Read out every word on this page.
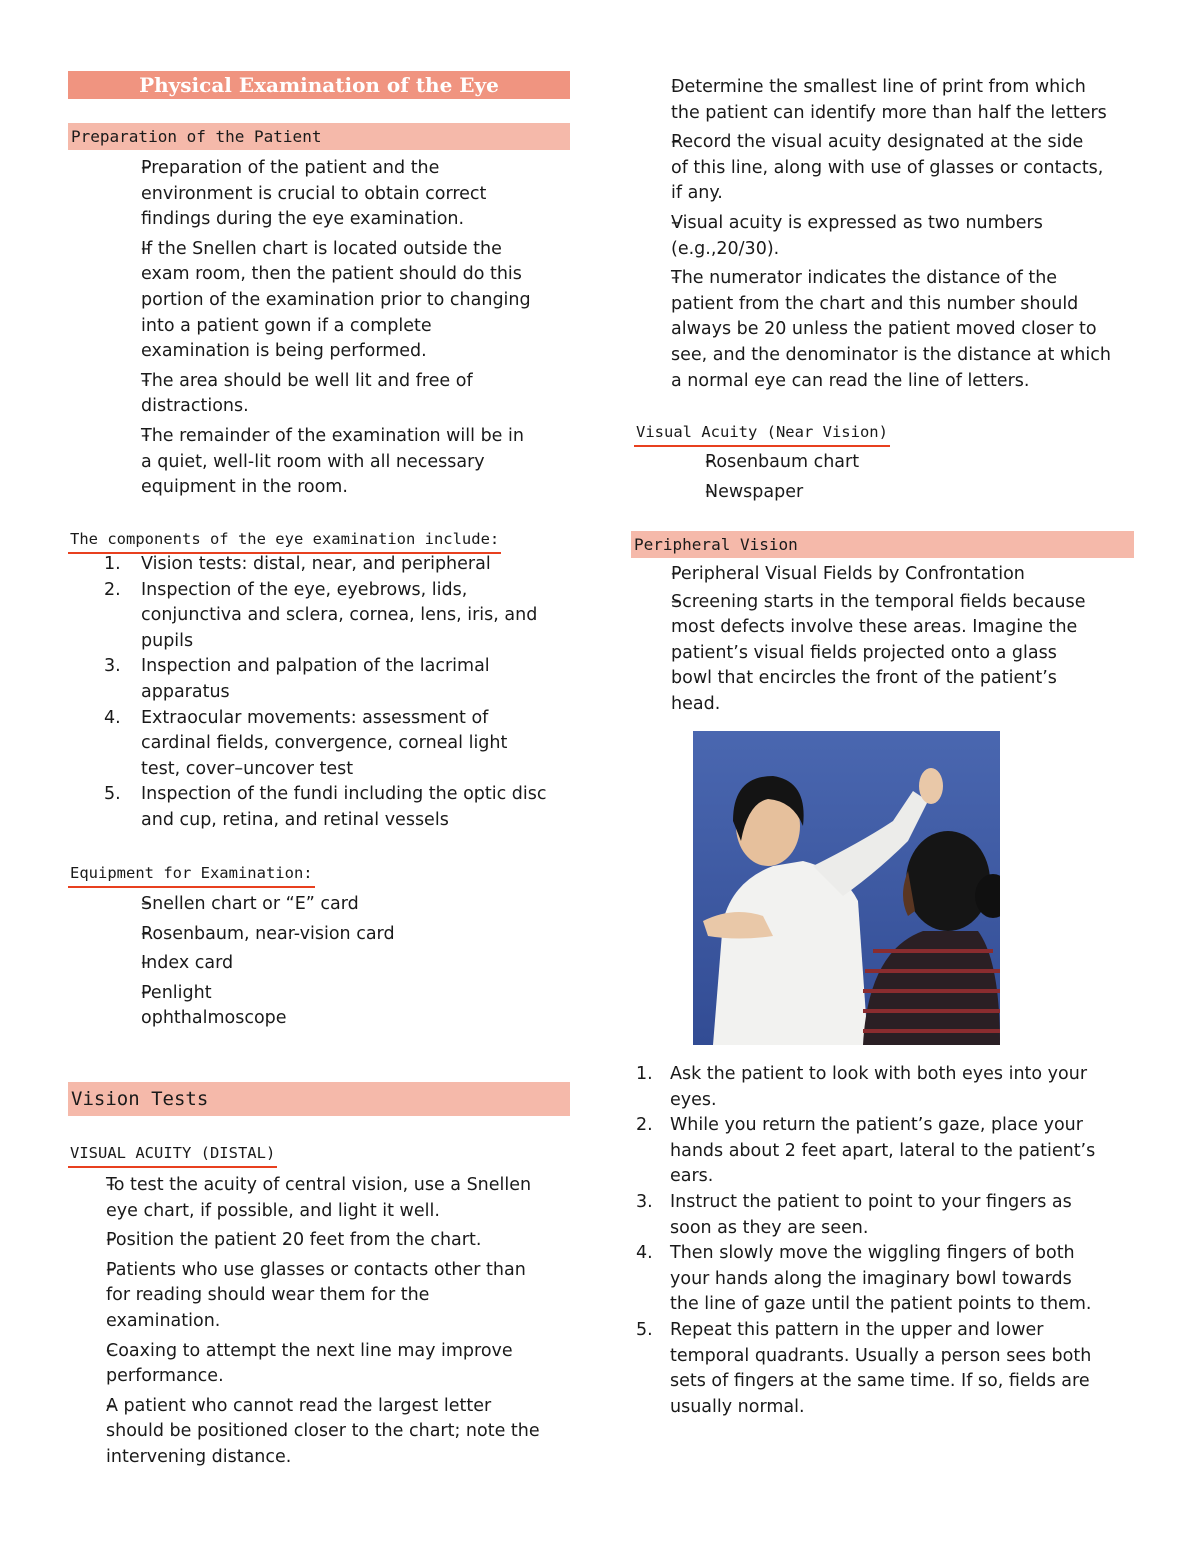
Physical Examination of the Eye
Preparation of the Patient
– Preparation of the patient and the
environment is crucial to obtain correct
findings during the eye examination.
– If the Snellen chart is located outside the
exam room, then the patient should do this
portion of the examination prior to changing
into a patient gown if a complete
examination is being performed.
– The area should be well lit and free of
distractions.
– The remainder of the examination will be in
a quiet, well-lit room with all necessary
equipment in the room.
The components of the eye examination include:
1. Vision tests: distal, near, and peripheral
2. Inspection of the eye, eyebrows, lids,
conjunctiva and sclera, cornea, lens, iris, and
pupils
3. Inspection and palpation of the lacrimal
apparatus
4. Extraocular movements: assessment of
cardinal fields, convergence, corneal light
test, cover–uncover test
5. Inspection of the fundi including the optic disc
and cup, retina, and retinal vessels
Equipment for Examination:
– Snellen chart or “E” card
– Rosenbaum, near-vision card
– Index card
– Penlight
ophthalmoscope
Vision Tests
VISUAL ACUITY (DISTAL)
– To test the acuity of central vision, use a Snellen
eye chart, if possible, and light it well.
– Position the patient 20 feet from the chart.
– Patients who use glasses or contacts other than
for reading should wear them for the
examination.
– Coaxing to attempt the next line may improve
performance.
– A patient who cannot read the largest letter
should be positioned closer to the chart; note the
intervening distance.
– Determine the smallest line of print from which
the patient can identify more than half the letters
– Record the visual acuity designated at the side
of this line, along with use of glasses or contacts,
if any.
– Visual acuity is expressed as two numbers
(e.g.,20/30).
– The numerator indicates the distance of the
patient from the chart and this number should
always be 20 unless the patient moved closer to
see, and the denominator is the distance at which
a normal eye can read the line of letters.
Visual Acuity (Near Vision)
– Rosenbaum chart
– Newspaper
Peripheral Vision
– Peripheral Visual Fields by Confrontation
– Screening starts in the temporal fields because
most defects involve these areas. Imagine the
patient’s visual fields projected onto a glass
bowl that encircles the front of the patient’s
head.
1. Ask the patient to look with both eyes into your
eyes.
2. While you return the patient’s gaze, place your
hands about 2 feet apart, lateral to the patient’s
ears.
3. Instruct the patient to point to your fingers as
soon as they are seen.
4. Then slowly move the wiggling fingers of both
your hands along the imaginary bowl towards
the line of gaze until the patient points to them.
5. Repeat this pattern in the upper and lower
temporal quadrants. Usually a person sees both
sets of fingers at the same time. If so, fields are
usually normal.
